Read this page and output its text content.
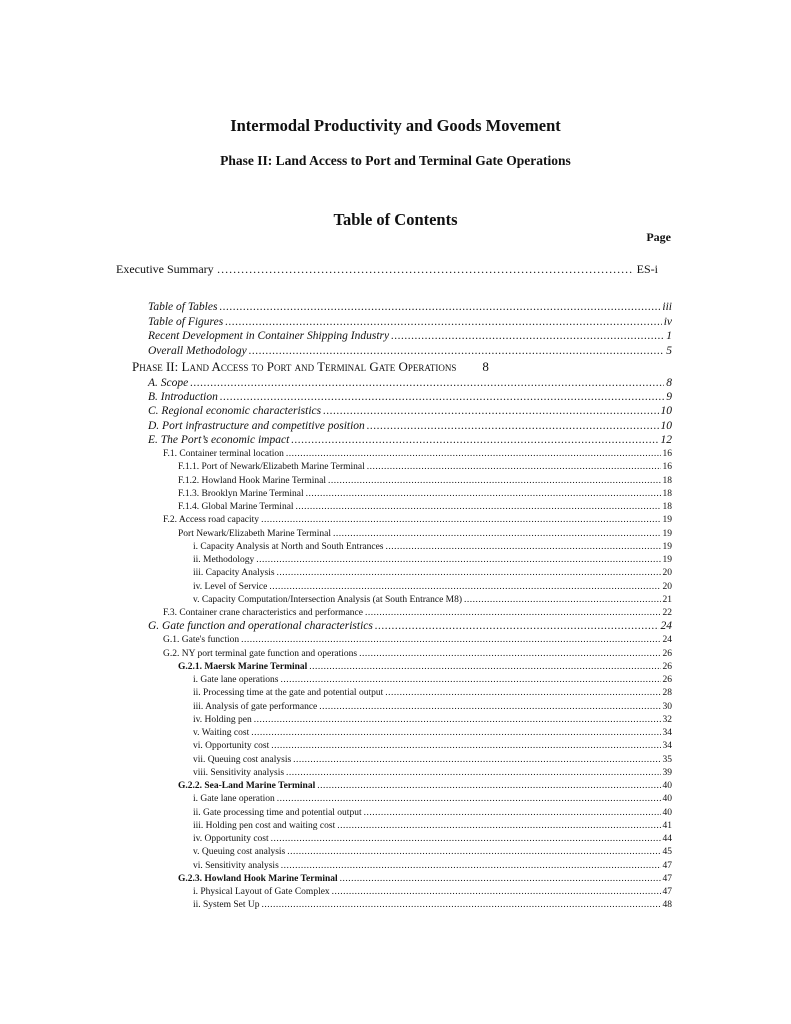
Intermodal Productivity and Goods Movement
Phase II: Land Access to Port and Terminal Gate Operations
Table of Contents
Page
Executive Summary …………………………………………………………………………………………………………………………………………………………………	ES-i
Table of Tables .....	iii
Table of Figures .....	iv
Recent Development in Container Shipping Industry .....	1
Overall Methodology .....	5
Phase II: Land Access to Port and Terminal Gate Operations 8
A. Scope .....	8
B. Introduction .....	9
C. Regional economic characteristics .....	10
D. Port infrastructure and competitive position .....	10
E. The Port’s economic impact .....	12
F.1. Container terminal location .....	16
F.1.1. Port of Newark/Elizabeth Marine Terminal .....	16
F.1.2. Howland Hook Marine Terminal .....	18
F.1.3. Brooklyn Marine Terminal .....	18
F.1.4. Global Marine Terminal .....	18
F.2. Access road capacity .....	19
Port Newark/Elizabeth Marine Terminal .....	19
i. Capacity Analysis at North and South Entrances .....	19
ii. Methodology .....	19
iii. Capacity Analysis .....	20
iv. Level of Service .....	20
v. Capacity Computation/Intersection Analysis (at South Entrance M8) .....	21
F.3. Container crane characteristics and performance .....	22
G. Gate function and operational characteristics .....	24
G.1. Gate's function .....	24
G.2. NY port terminal gate function and operations .....	26
G.2.1. Maersk Marine Terminal .....	26
i. Gate lane operations .....	26
ii. Processing time at the gate and potential output .....	28
iii. Analysis of gate performance .....	30
iv. Holding pen .....	32
v. Waiting cost .....	34
vi. Opportunity cost .....	34
vii. Queuing cost analysis .....	35
viii. Sensitivity analysis .....	39
G.2.2. Sea-Land Marine Terminal .....	40
i. Gate lane operation .....	40
ii. Gate processing time and potential output .....	40
iii. Holding pen cost and waiting cost .....	41
iv. Opportunity cost .....	44
v. Queuing cost analysis .....	45
vi. Sensitivity analysis .....	47
G.2.3. Howland Hook Marine Terminal .....	47
i. Physical Layout of Gate Complex .....	47
ii. System Set Up .....	48
